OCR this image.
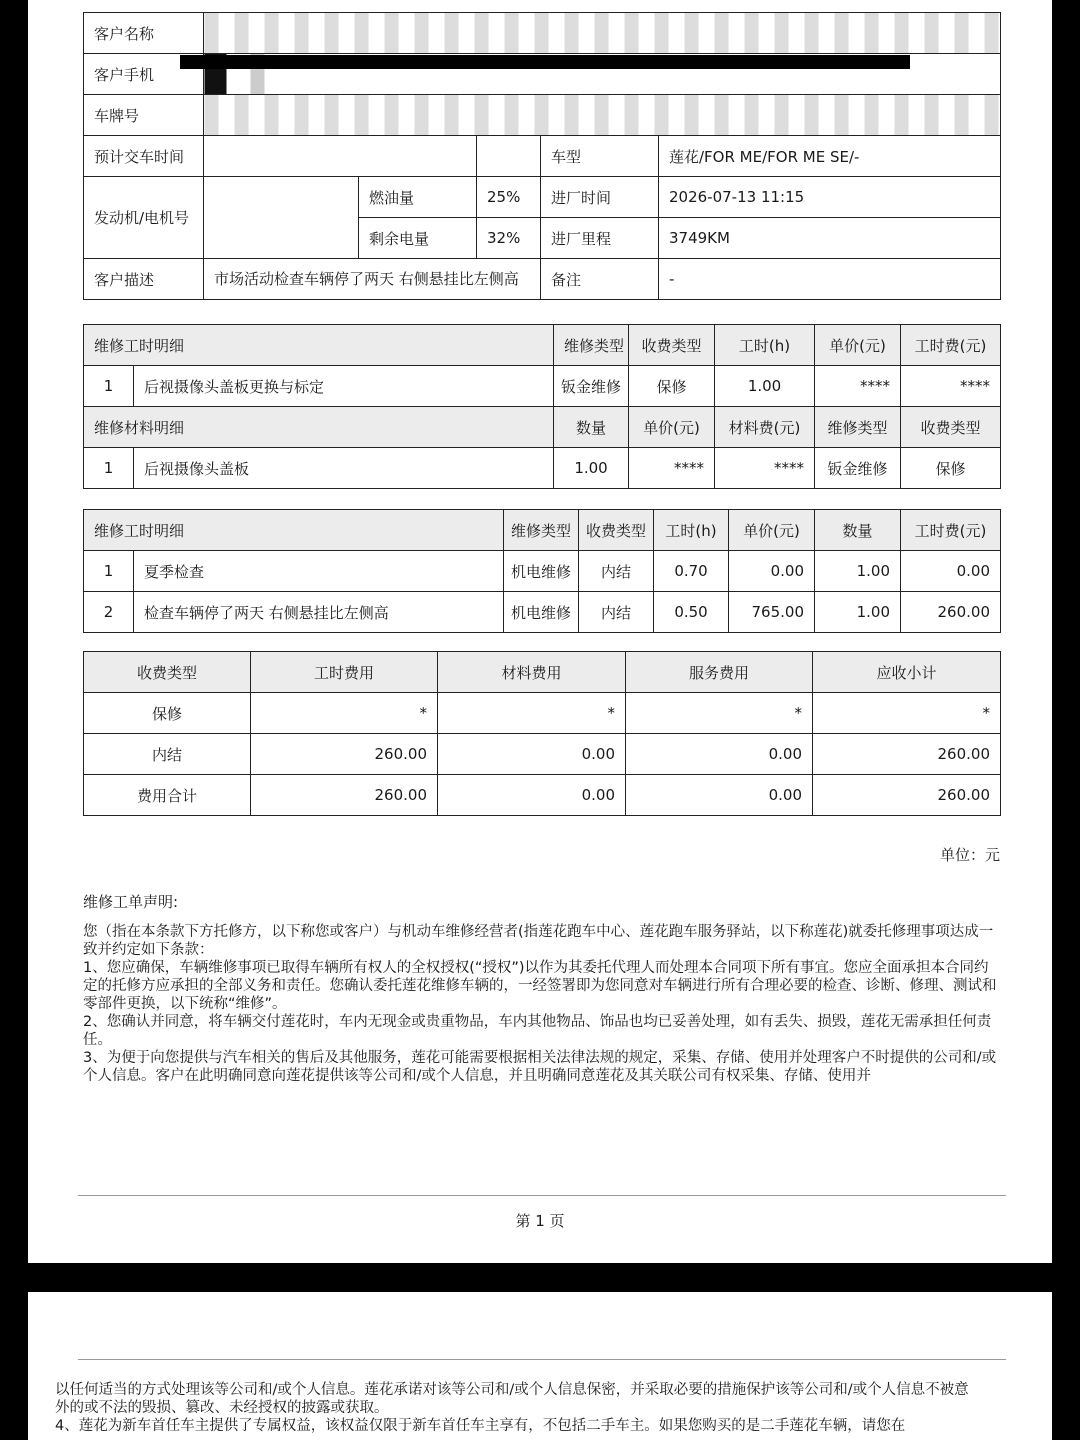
客户名称					
客户手机					
车牌号					
预计交车时间				车型	莲花/FOR ME/FOR ME SE/-
发动机/电机号		燃油量	25%	进厂时间	2026-07-13 11:15
		剩余电量	32%	进厂里程	3749KM
客户描述	市场活动检查车辆停了两天 右侧悬挂比左侧高			备注	-
维修工时明细		维修类型	收费类型	工时(h)	单价(元)	工时费(元)
1	后视摄像头盖板更换与标定	钣金维修	保修	1.00	****	****
维修材料明细		数量	单价(元)	材料费(元)	维修类型	收费类型
1	后视摄像头盖板	1.00	****	****	钣金维修	保修
维修工时明细		维修类型	收费类型	工时(h)	单价(元)	数量	工时费(元)
1	夏季检查	机电维修	内结	0.70	0.00	1.00	0.00
2	检查车辆停了两天 右侧悬挂比左侧高	机电维修	内结	0.50	765.00	1.00	260.00
收费类型	工时费用	材料费用	服务费用	应收小计
保修	*	*	*	*
内结	260.00	0.00	0.00	260.00
费用合计	260.00	0.00	0.00	260.00
单位：元
维修工单声明:

您（指在本条款下方托修方，以下称您或客户）与机动车维修经营者(指莲花跑车中心、莲花跑车服务驿站，以下称莲花)就委托修理事项达成一致并约定如下条款：

1、您应确保，车辆维修事项已取得车辆所有权人的全权授权(“授权”)以作为其委托代理人而处理本合同项下所有事宜。您应全面承担本合同约定的托修方应承担的全部义务和责任。您确认委托莲花维修车辆的，一经签署即为您同意对车辆进行所有合理必要的检查、诊断、修理、测试和零部件更换，以下统称“维修”。

2、您确认并同意，将车辆交付莲花时，车内无现金或贵重物品，车内其他物品、饰品也均已妥善处理，如有丢失、损毁，莲花无需承担任何责任。

3、为便于向您提供与汽车相关的售后及其他服务，莲花可能需要根据相关法律法规的规定，采集、存储、使用并处理客户不时提供的公司和/或个人信息。客户在此明确同意向莲花提供该等公司和/或个人信息，并且明确同意莲花及其关联公司有权采集、存储、使用并

第 1 页

以任何适当的方式处理该等公司和/或个人信息。莲花承诺对该等公司和/或个人信息保密，并采取必要的措施保护该等公司和/或个人信息不被意外的或不法的毁损、篡改、未经授权的披露或获取。

4、莲花为新车首任车主提供了专属权益，该权益仅限于新车首任车主享有，不包括二手车主。如果您购买的是二手莲花车辆，请您在
